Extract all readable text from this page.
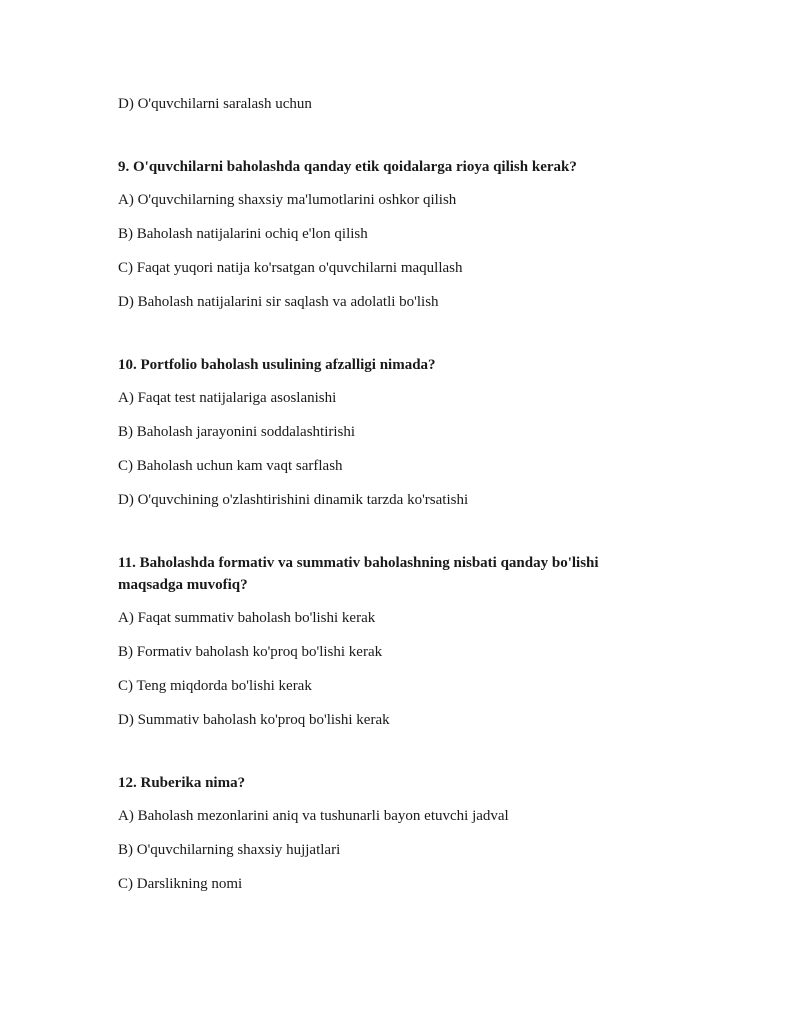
D) O'quvchilarni saralash uchun

9. O'quvchilarni baholashda qanday etik qoidalarga rioya qilish kerak?

A) O'quvchilarning shaxsiy ma'lumotlarini oshkor qilish

B) Baholash natijalarini ochiq e'lon qilish

C) Faqat yuqori natija ko'rsatgan o'quvchilarni maqullash

D) Baholash natijalarini sir saqlash va adolatli bo'lish

10. Portfolio baholash usulining afzalligi nimada?

A) Faqat test natijalariga asoslanishi

B) Baholash jarayonini soddalashtirishi

C) Baholash uchun kam vaqt sarflash

D) O'quvchining o'zlashtirishini dinamik tarzda ko'rsatishi

11. Baholashda formativ va summativ baholashning nisbati qanday bo'lishi maqsadga muvofiq?

A) Faqat summativ baholash bo'lishi kerak

B) Formativ baholash ko'proq bo'lishi kerak

C) Teng miqdorda bo'lishi kerak

D) Summativ baholash ko'proq bo'lishi kerak

12. Ruberika nima?

A) Baholash mezonlarini aniq va tushunarli bayon etuvchi jadval

B) O'quvchilarning shaxsiy hujjatlari

C) Darslikning nomi
